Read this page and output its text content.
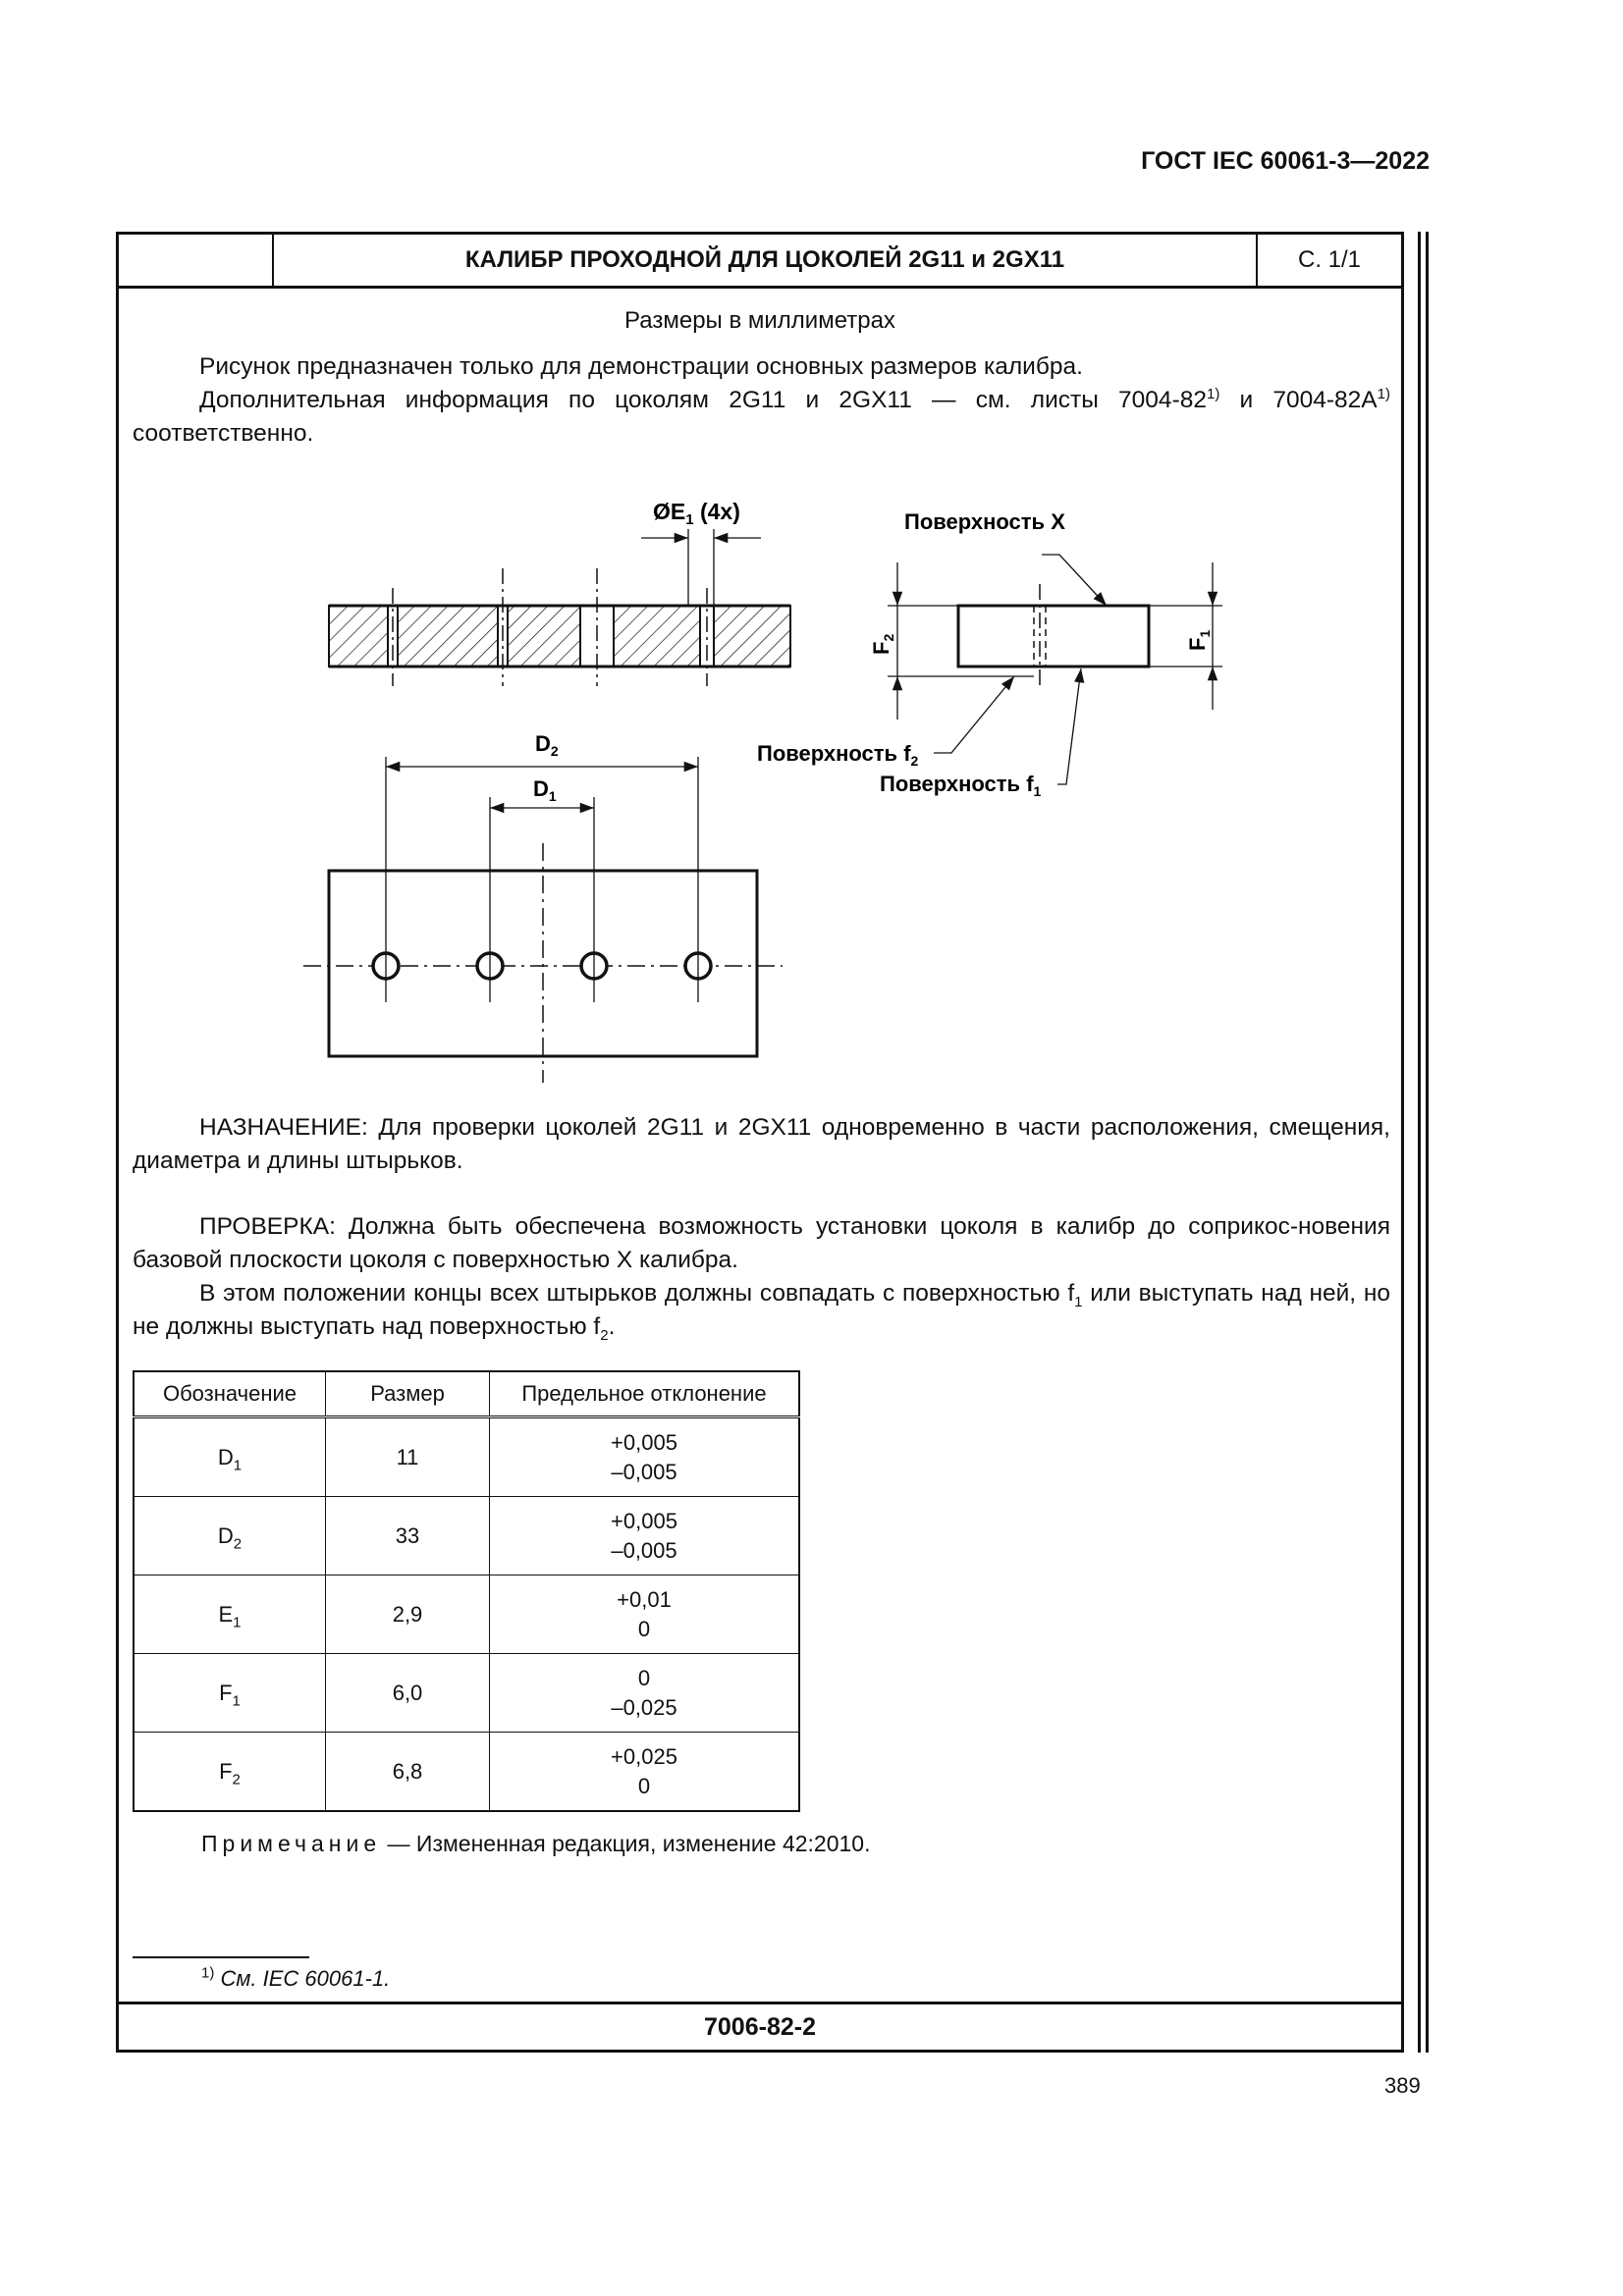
ГОСТ IEC 60061-3—2022
КАЛИБР ПРОХОДНОЙ ДЛЯ ЦОКОЛЕЙ 2G11 и 2GX11	С. 1/1
Размеры в миллиметрах
Рисунок предназначен только для демонстрации основных размеров калибра.
Дополнительная информация по цоколям 2G11 и 2GX11 — см. листы 7004-82$^{1)}$ и $7004-82A^{1)}$ соответственно.
$ØE_1$ (4x)
$F_2$	$F_1$
Поверхность X
Поверхность $f_2$
Поверхность $f_1$
$D_2$
$D_1$
НАЗНАЧЕНИЕ: Для проверки цоколей 2G11 и 2GX11 одновременно в части расположения, смещения, диаметра и длины штырьков.
ПРОВЕРКА: Должна быть обеспечена возможность установки цоколя в калибр до соприкос-новения базовой плоскости цоколя с поверхностью X калибра.
В этом положении концы всех штырьков должны совпадать с поверхностью $f_1$ или выступать над ней, но не должны выступать над поверхностью $f_2$.
Обозначение	Размер	Предельное отклонение
$D_1$	11	+0,005
–0,005

$D_2$	33	+0,005
–0,005

$E_1$	2,9	+0,01
0

$F_1$	6,0	0
–0,025

$F_2$	6,8	+0,025
0
Примечание — Измененная редакция, изменение 42:2010.
$^{1)}$ См. IEC 60061-1.
7006-82-2
389
